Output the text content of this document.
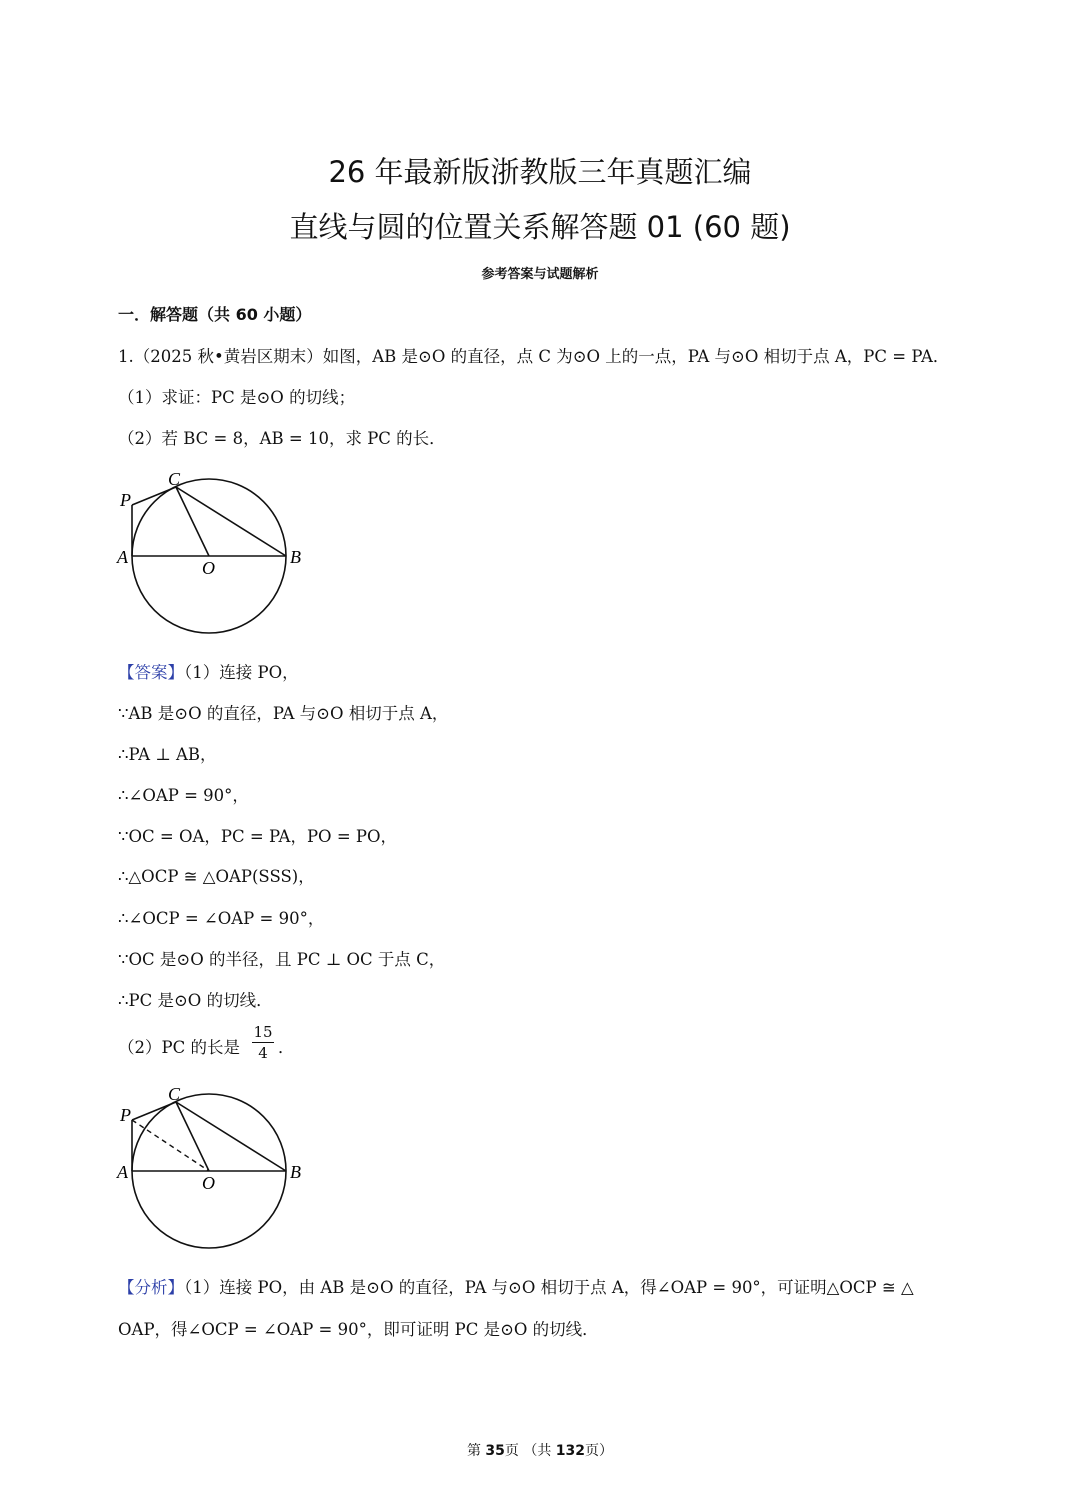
26 年最新版浙教版三年真题汇编
直线与圆的位置关系解答题 01 (60 题)
参考答案与试题解析
一．解答题（共 60 小题）
1.（2025 秋•黄岩区期末）如图，AB 是⊙O 的直径，点 C 为⊙O 上的一点，PA 与⊙O 相切于点 A，PC = PA．
（1）求证：PC 是⊙O 的切线；
（2）若 BC = 8，AB = 10，求 PC 的长．
P
C
A
O
B
【答案】（1）连接 PO，
∵AB 是⊙O 的直径，PA 与⊙O 相切于点 A，
∴PA ⊥ AB，
∴∠OAP = 90°，
∵OC = OA，PC = PA，PO = PO，
∴△OCP ≅ △OAP(SSS)，
∴∠OCP = ∠OAP = 90°，
∵OC 是⊙O 的半径，且 PC ⊥ OC 于点 C，
∴PC 是⊙O 的切线．
（2）PC 的长是 $\frac{15}{4}$ ．
P
C
A
O
B
【分析】（1）连接 PO，由 AB 是⊙O 的直径，PA 与⊙O 相切于点 A，得∠OAP = 90°，可证明△OCP ≅ △
OAP，得∠OCP = ∠OAP = 90°，即可证明 PC 是⊙O 的切线．
第 35页 （共 132页）
